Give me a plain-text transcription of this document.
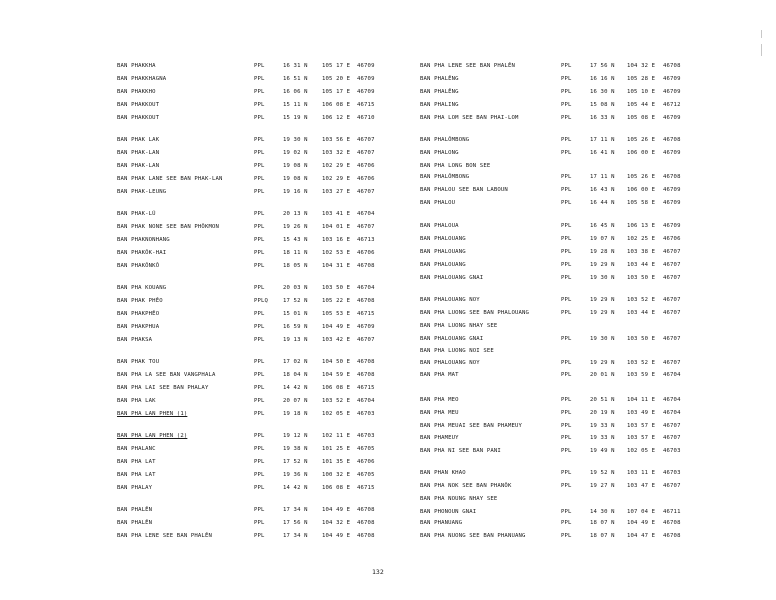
BAN PHAKKHA	PPL	16 31 N	105 17 E 46709
BAN PHAKKHAGNA	PPL	16 51 N	105 20 E 46709
BAN PHAKKHO	PPL	16 06 N	105 17 E 46709
BAN PHAKKOUT	PPL	15 11 N	106 08 E 46715
BAN PHAKKOUT	PPL	15 19 N	106 12 E 46710
BAN PHAK LAK	PPL	19 30 N	103 56 E 46707
BAN PHAK-LAN	PPL	19 02 N	103 32 E 46707
BAN PHAK-LAN	PPL	19 08 N	102 29 E 46706
BAN PHAK LANE SEE BAN PHAK-LAN	PPL	19 08 N	102 29 E 46706
BAN PHAK-LEUNG	PPL	19 16 N	103 27 E 46707
BAN PHAK-LŨ	PPL	20 13 N	103 41 E 46704
BAN PHAK NONE SEE BAN PHÔKMON	PPL	19 26 N	104 01 E 46707
BAN PHAKNONHANG	PPL	15 43 N	103 16 E 46713
BAN PHAKÔK-HAI	PPL	18 11 N	102 53 E 46706
BAN PHAKÔNKÔ	PPL	18 05 N	104 31 E 46708
BAN PHA KOUANG	PPL	20 03 N	103 50 E 46704
BAN PHAK PHÊO	PPLQ	17 52 N	105 22 E 46708
BAN PHAKPHÊO	PPL	15 01 N	105 53 E 46715
BAN PHAKPHUA	PPL	16 59 N	104 49 E 46709
BAN PHAKSA	PPL	19 13 N	103 42 E 46707
BAN PHAK TOU	PPL	17 02 N	104 50 E 46708
BAN PHA LA SEE BAN VANGPHALA	PPL	18 04 N	104 59 E 46708
BAN PHA LAI SEE BAN PHALAY	PPL	14 42 N	106 08 E 46715
BAN PHA LAK	PPL	20 07 N	103 52 E 46704
BAN PHA LAN PHEN (1)	PPL	19 18 N	102 05 E 46703
BAN PHA LAN PHEN (2)	PPL	19 12 N	102 11 E 46703
BAN PHALANC	PPL	19 38 N	101 25 E 46705
BAN PHA LAT	PPL	17 52 N	101 35 E 46706
BAN PHA LAT	PPL	19 36 N	100 32 E 46705
BAN PHALAY	PPL	14 42 N	106 08 E 46715
BAN PHALÊN	PPL	17 34 N	104 49 E 46708
BAN PHALÊN	PPL	17 56 N	104 32 E 46708
BAN PHA LENE SEE BAN PHALÊN	PPL	17 34 N	104 49 E 46708
BAN PHA LENE SEE BAN PHALÊN	PPL	17 56 N 104 32 E 46708
BAN PHALÊNG	PPL	16 16 N 105 28 E 46709
BAN PHALÊNG	PPL	16 30 N 105 10 E 46709
BAN PHALING	PPL	15 08 N 105 44 E 46712
BAN PHA LOM SEE BAN PHAI-LOM	PPL	16 33 N 105 08 E 46709
BAN PHALÔMBONG	PPL	17 11 N 105 26 E 46708
BAN PHALONG	PPL	16 41 N 106 00 E 46709
BAN PHA LONG BON SEE
BAN PHALÔMBONG	PPL	17 11 N 105 26 E 46708
BAN PHALOU SEE BAN LABOUN	PPL	16 43 N 106 00 E 46709
BAN PHALOU	PPL	16 44 N 105 58 E 46709
BAN PHALOUA	PPL	16 45 N 106 13 E 46709
BAN PHALOUANG	PPL	19 07 N 102 25 E 46706
BAN PHALOUANG	PPL	19 28 N 103 38 E 46707
BAN PHALOUANG	PPL	19 29 N 103 44 E 46707
BAN PHALOUANG GNAI	PPL	19 30 N 103 50 E 46707
BAN PHALOUANG NOY	PPL	19 29 N 103 52 E 46707
BAN PHA LUONG SEE BAN PHALOUANG	PPL	19 29 N 103 44 E 46707
BAN PHA LUONG NHAY SEE
BAN PHALOUANG GNAI	PPL	19 30 N 103 50 E 46707
BAN PHA LUONG NOI SEE
BAN PHALOUANG NOY	PPL	19 29 N 103 52 E 46707
BAN PHA MAT	PPL	20 01 N 103 59 E 46704
BAN PHA MEO	PPL	20 51 N 104 11 E 46704
BAN PHA MEU	PPL	20 19 N 103 49 E 46704
BAN PHA MEUAI SEE BAN PHAMEUY	PPL	19 33 N 103 57 E 46707
BAN PHAMEUY	PPL	19 33 N 103 57 E 46707
BAN PHA NI SEE BAN PANI	PPL	19 49 N 102 05 E 46703
BAN PHAN KHAO	PPL	19 52 N 103 11 E 46703
BAN PHA NOK SEE BAN PHANÔK	PPL	19 27 N 103 47 E 46707
BAN PHA NOUNG NHAY SEE
BAN PHONOUN GNAI	PPL	14 30 N 107 04 E 46711
BAN PHANUANG	PPL	18 07 N 104 49 E 46708
BAN PHA NUONG SEE BAN PHANUANG	PPL	18 07 N 104 47 E 46708
132
